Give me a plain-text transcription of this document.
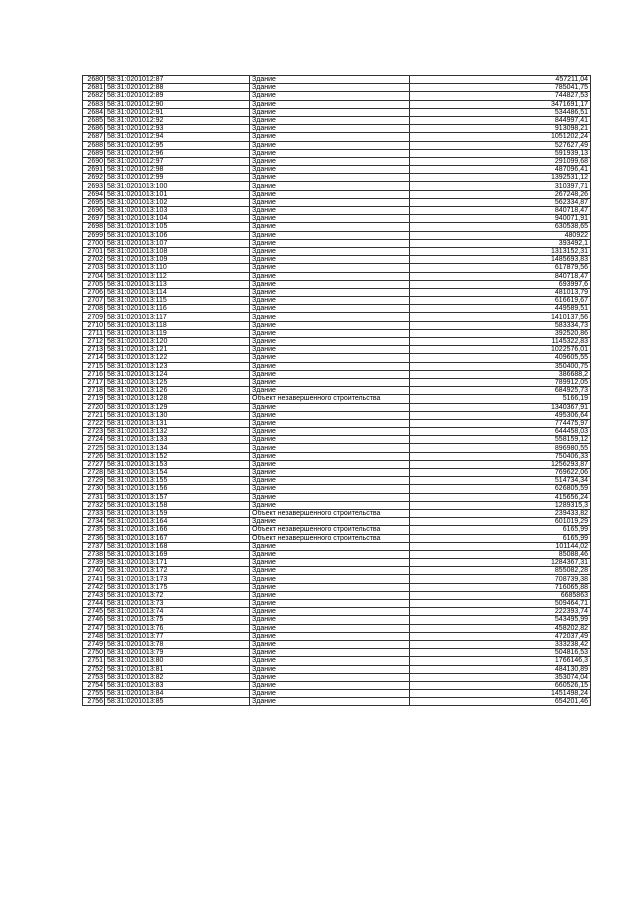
2680	58:31:0201012:87	Здание	457211,04
2681	58:31:0201012:88	Здание	785041,75
2682	58:31:0201012:89	Здание	744827,53
2683	58:31:0201012:90	Здание	3471691,17
2684	58:31:0201012:91	Здание	534486,51
2685	58:31:0201012:92	Здание	844997,41
2686	58:31:0201012:93	Здание	913098,21
2687	58:31:0201012:94	Здание	1051202,24
2688	58:31:0201012:95	Здание	527627,49
2689	58:31:0201012:96	Здание	591939,13
2690	58:31:0201012:97	Здание	291099,68
2691	58:31:0201012:98	Здание	487096,41
2692	58:31:0201012:99	Здание	1392531,12
2693	58:31:0201013:100	Здание	310397,71
2694	58:31:0201013:101	Здание	267248,26
2695	58:31:0201013:102	Здание	562334,87
2696	58:31:0201013:103	Здание	840718,47
2697	58:31:0201013:104	Здание	940071,91
2698	58:31:0201013:105	Здание	630538,65
2699	58:31:0201013:106	Здание	480922
2700	58:31:0201013:107	Здание	393492,1
2701	58:31:0201013:108	Здание	1313152,31
2702	58:31:0201013:109	Здание	1485693,83
2703	58:31:0201013:110	Здание	617879,56
2704	58:31:0201013:112	Здание	840718,47
2705	58:31:0201013:113	Здание	693997,6
2706	58:31:0201013:114	Здание	481013,79
2707	58:31:0201013:115	Здание	616619,67
2708	58:31:0201013:116	Здание	449589,51
2709	58:31:0201013:117	Здание	1410137,56
2710	58:31:0201013:118	Здание	583334,73
2711	58:31:0201013:119	Здание	392520,86
2712	58:31:0201013:120	Здание	1145322,83
2713	58:31:0201013:121	Здание	1022576,01
2714	58:31:0201013:122	Здание	409605,55
2715	58:31:0201013:123	Здание	350400,75
2716	58:31:0201013:124	Здание	386688,2
2717	58:31:0201013:125	Здание	789912,05
2718	58:31:0201013:126	Здание	684925,73
2719	58:31:0201013:128	Объект незавершенного строительства	5166,19
2720	58:31:0201013:129	Здание	1340367,91
2721	58:31:0201013:130	Здание	495306,64
2722	58:31:0201013:131	Здание	774475,97
2723	58:31:0201013:132	Здание	644458,03
2724	58:31:0201013:133	Здание	558159,12
2725	58:31:0201013:134	Здание	896980,55
2726	58:31:0201013:152	Здание	750406,33
2727	58:31:0201013:153	Здание	1256293,87
2728	58:31:0201013:154	Здание	769622,06
2729	58:31:0201013:155	Здание	514734,34
2730	58:31:0201013:156	Здание	626805,59
2731	58:31:0201013:157	Здание	415656,24
2732	58:31:0201013:158	Здание	1289315,3
2733	58:31:0201013:159	Объект незавершенного строительства	239433,82
2734	58:31:0201013:164	Здание	601019,29
2735	58:31:0201013:166	Объект незавершенного строительства	6165,99
2736	58:31:0201013:167	Объект незавершенного строительства	6165,99
2737	58:31:0201013:168	Здание	101144,02
2738	58:31:0201013:169	Здание	85088,46
2739	58:31:0201013:171	Здание	1284367,31
2740	58:31:0201013:172	Здание	855082,28
2741	58:31:0201013:173	Здание	708739,38
2742	58:31:0201013:175	Здание	716065,88
2743	58:31:0201013:72	Здание	6685863
2744	58:31:0201013:73	Здание	509464,71
2745	58:31:0201013:74	Здание	222393,74
2746	58:31:0201013:75	Здание	543495,99
2747	58:31:0201013:76	Здание	458202,82
2748	58:31:0201013:77	Здание	472037,49
2749	58:31:0201013:78	Здание	333238,42
2750	58:31:0201013:79	Здание	504816,53
2751	58:31:0201013:80	Здание	1766146,3
2752	58:31:0201013:81	Здание	484130,89
2753	58:31:0201013:82	Здание	353074,04
2754	58:31:0201013:83	Здание	660526,15
2755	58:31:0201013:84	Здание	1451498,24
2756	58:31:0201013:85	Здание	654201,46
